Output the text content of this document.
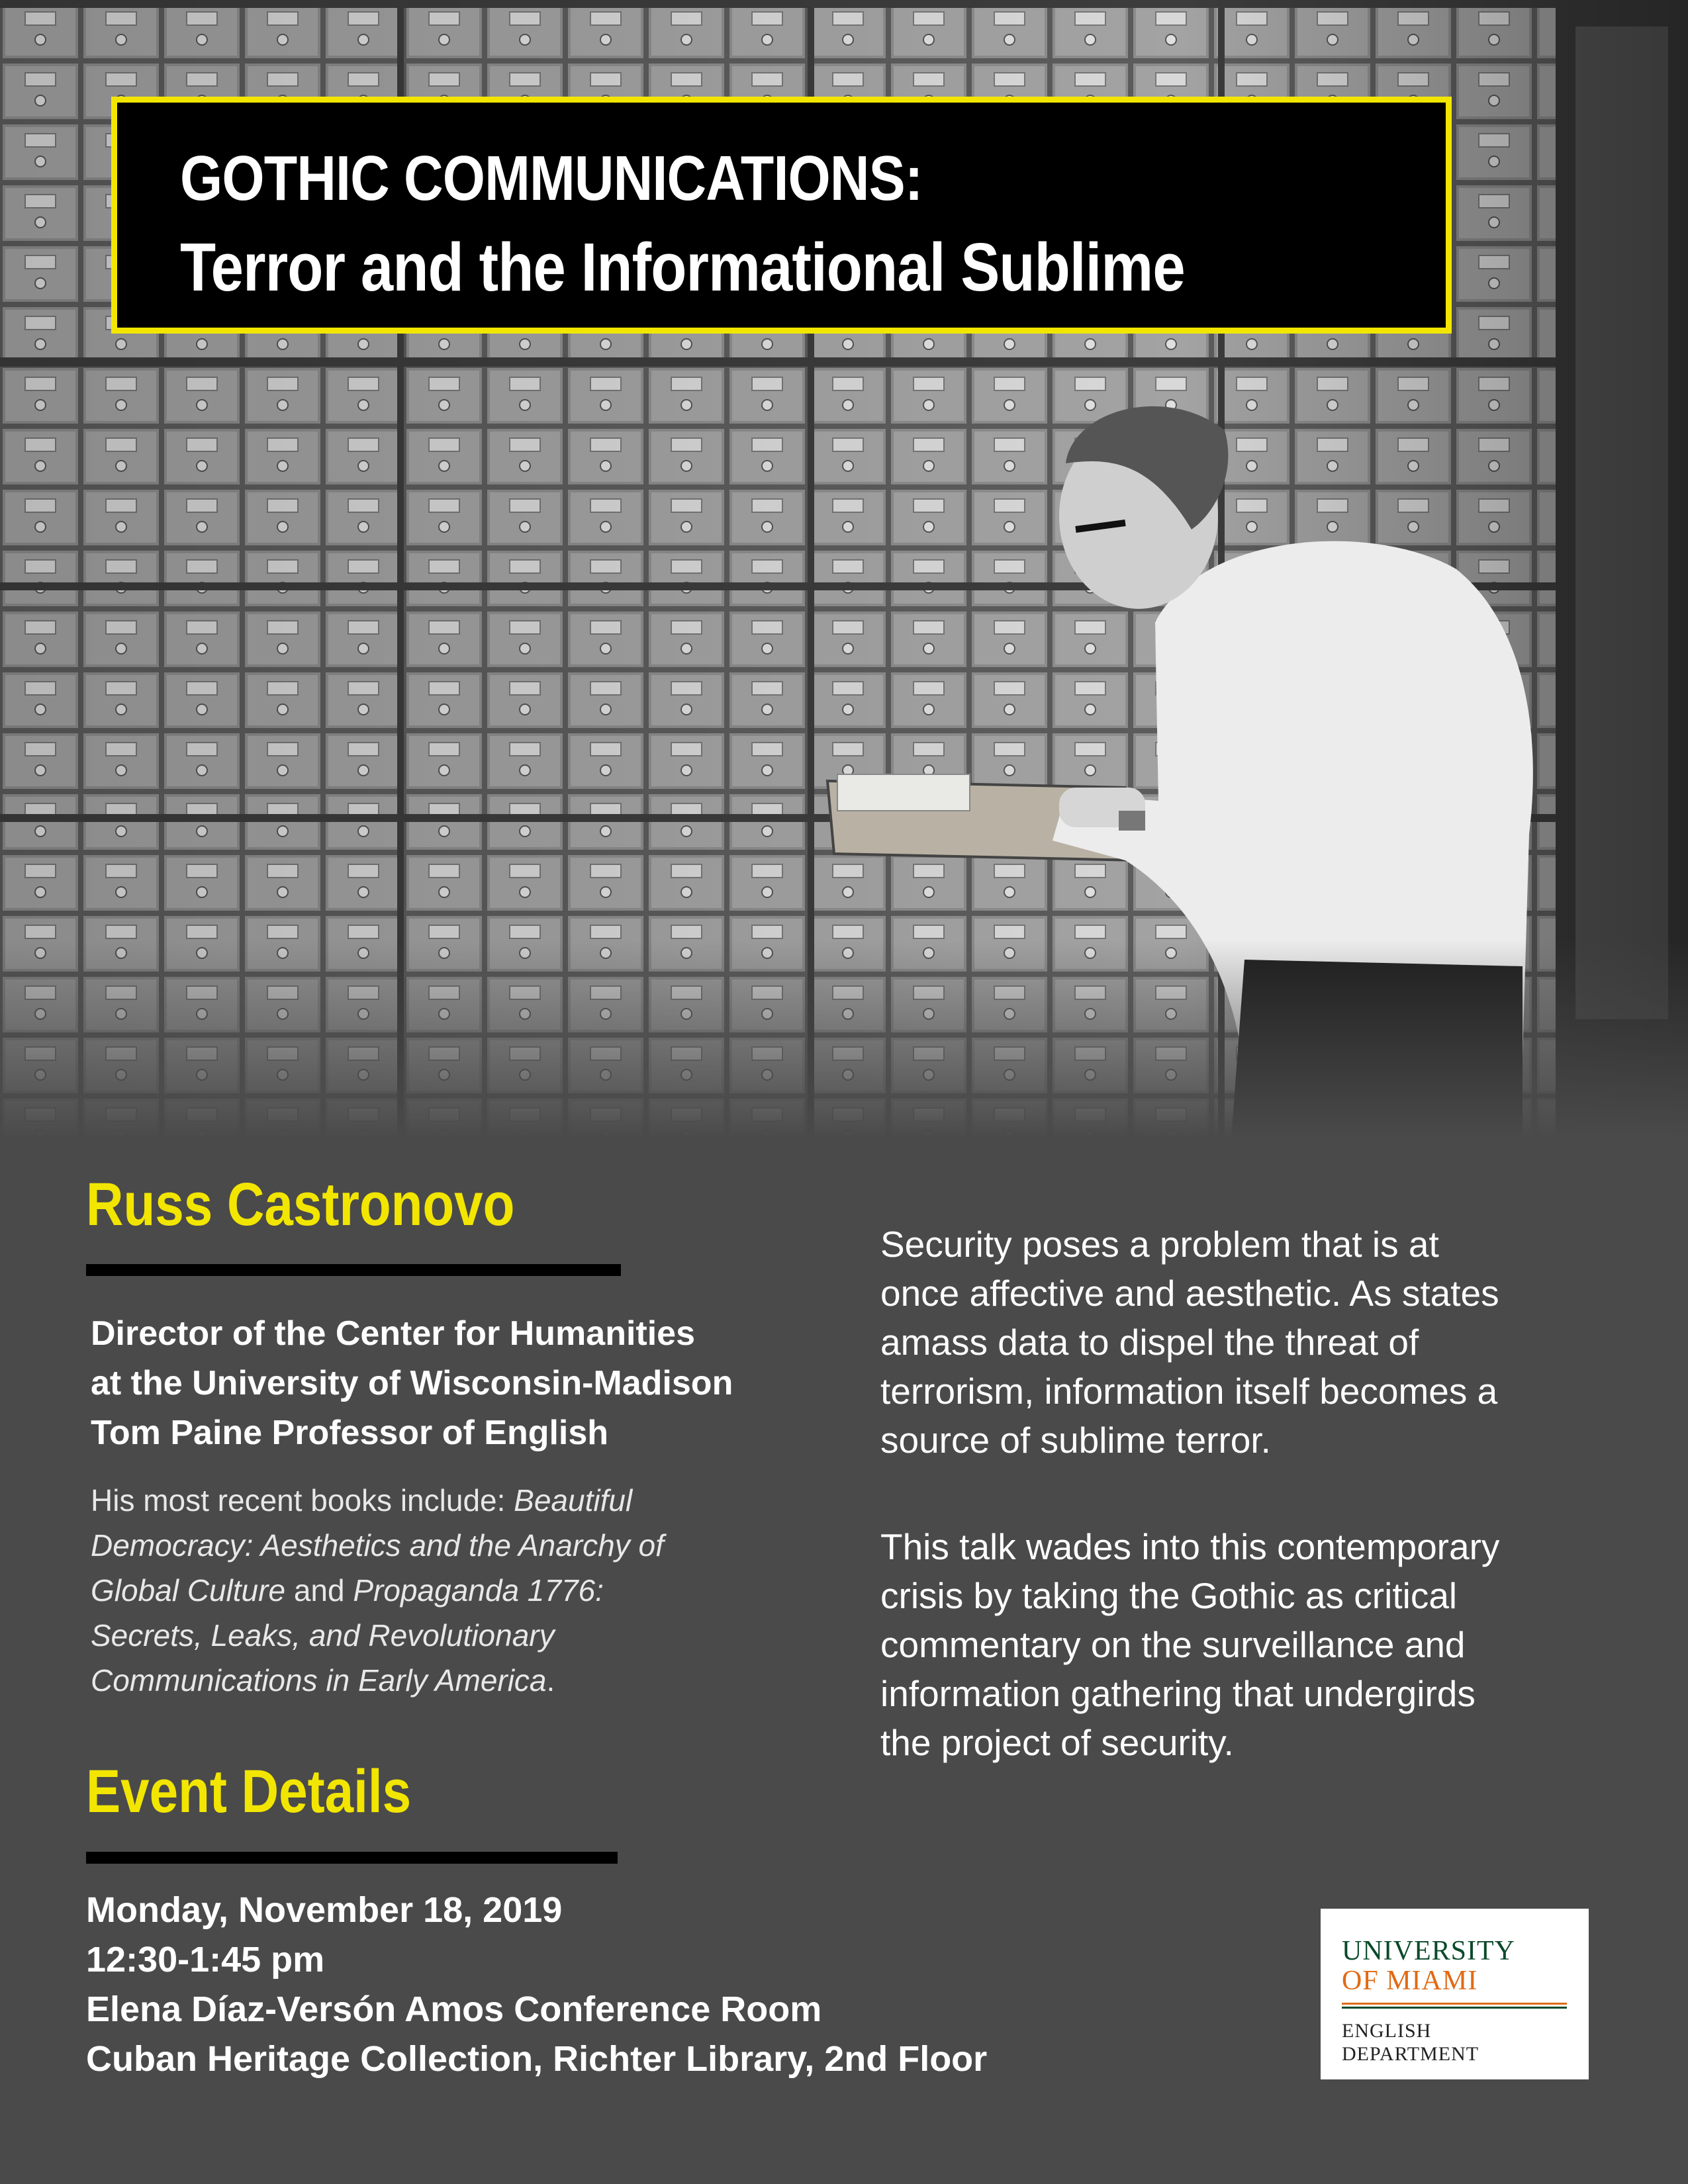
GOTHIC COMMUNICATIONS:
Terror and the Informational Sublime
Russ Castronovo
Director of the Center for Humanities
at the University of Wisconsin-Madison
Tom Paine Professor of English
His most recent books include: Beautiful
Democracy: Aesthetics and the Anarchy of
Global Culture and Propaganda 1776:
Secrets, Leaks, and Revolutionary
Communications in Early America.
Security poses a problem that is at
once affective and aesthetic. As states
amass data to dispel the threat of
terrorism, information itself becomes a
source of sublime terror.
This talk wades into this contemporary
crisis by taking the Gothic as critical
commentary on the surveillance and
information gathering that undergirds
the project of security.
Event Details
Monday, November 18, 2019
12:30-1:45 pm
Elena Díaz-Versón Amos Conference Room
Cuban Heritage Collection, Richter Library, 2nd Floor
UNIVERSITY
OF MIAMI
ENGLISH
DEPARTMENT
